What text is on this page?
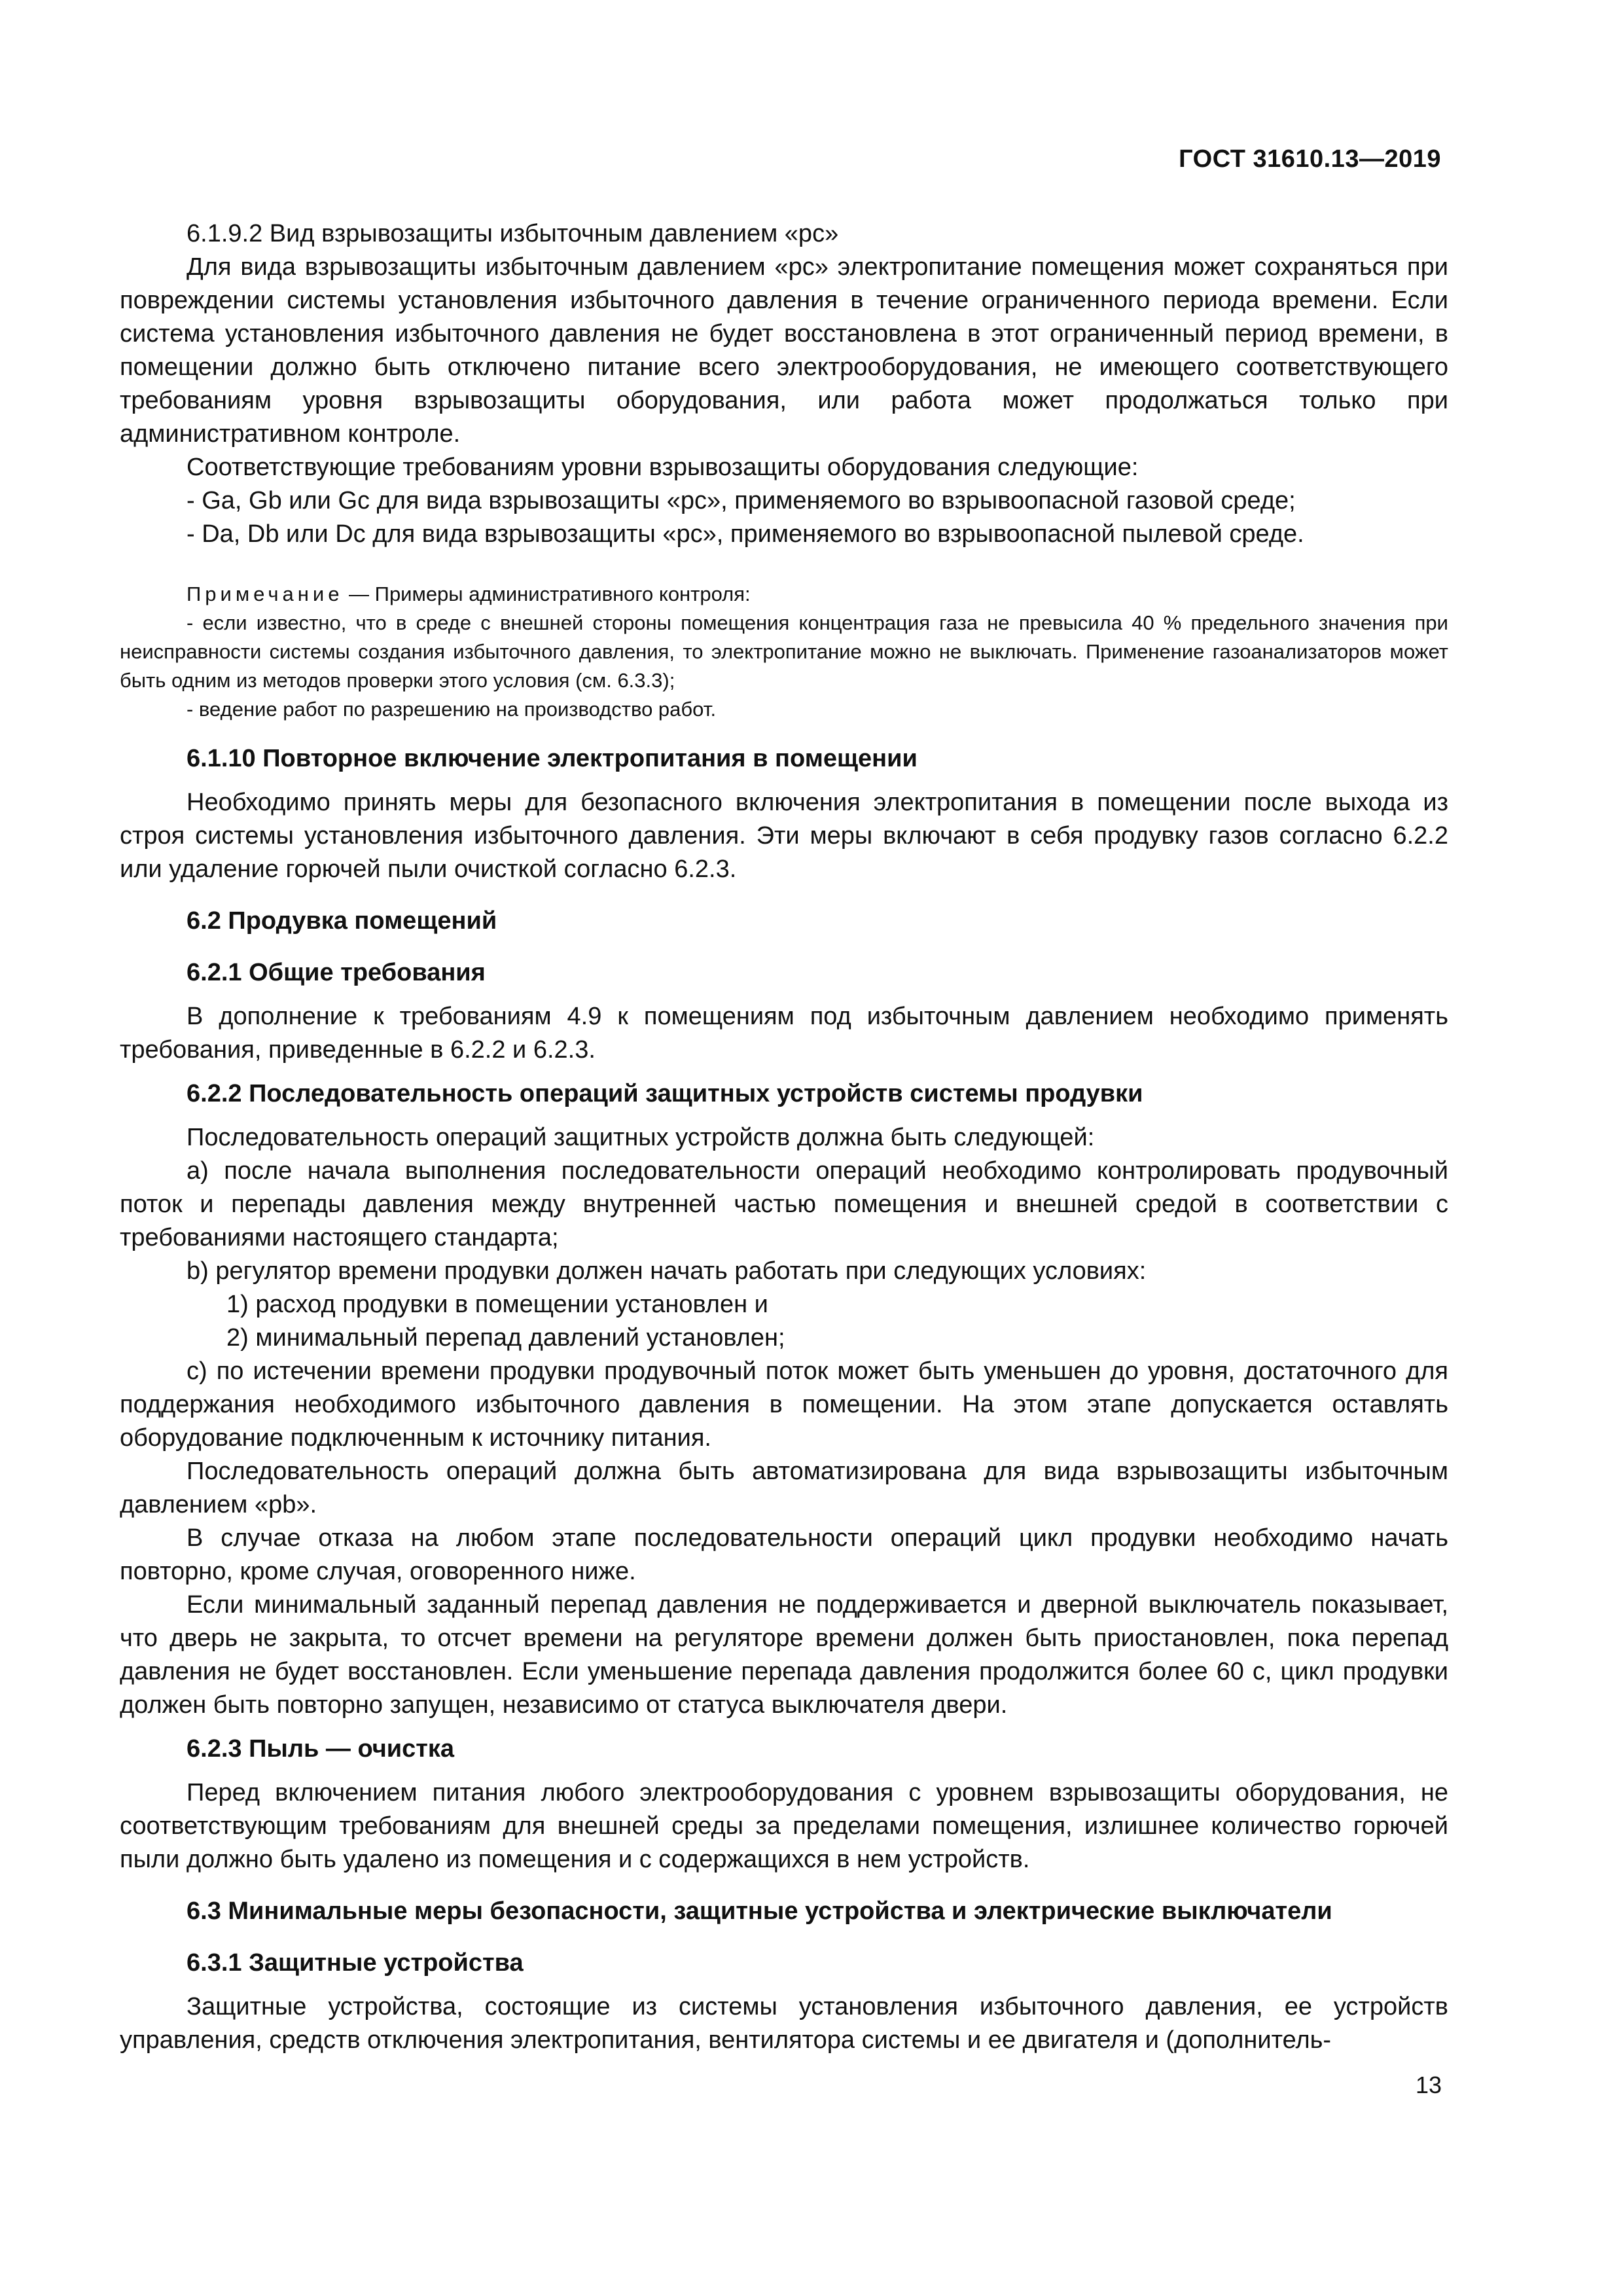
ГОСТ 31610.13—2019

6.1.9.2 Вид взрывозащиты избыточным давлением «рс»

Для вида взрывозащиты избыточным давлением «рс» электропитание помещения может сохраняться при повреждении системы установления избыточного давления в течение ограниченного периода времени. Если система установления избыточного давления не будет восстановлена в этот ограниченный период времени, в помещении должно быть отключено питание всего электрооборудования, не имеющего соответствующего требованиям уровня взрывозащиты оборудования, или работа может продолжаться только при административном контроле.

Соответствующие требованиям уровни взрывозащиты оборудования следующие:

- Ga, Gb или Gc для вида взрывозащиты «рс», применяемого во взрывоопасной газовой среде;

- Da, Db или Dc для вида взрывозащиты «рс», применяемого во взрывоопасной пылевой среде.

Примечание — Примеры административного контроля:

- если известно, что в среде с внешней стороны помещения концентрация газа не превысила 40 % предельного значения при неисправности системы создания избыточного давления, то электропитание можно не выключать. Применение газоанализаторов может быть одним из методов проверки этого условия (см. 6.3.3);

- ведение работ по разрешению на производство работ.

6.1.10 Повторное включение электропитания в помещении

Необходимо принять меры для безопасного включения электропитания в помещении после выхода из строя системы установления избыточного давления. Эти меры включают в себя продувку газов согласно 6.2.2 или удаление горючей пыли очисткой согласно 6.2.3.

6.2 Продувка помещений

6.2.1 Общие требования

В дополнение к требованиям 4.9 к помещениям под избыточным давлением необходимо применять требования, приведенные в 6.2.2 и 6.2.3.

6.2.2 Последовательность операций защитных устройств системы продувки

Последовательность операций защитных устройств должна быть следующей:

a) после начала выполнения последовательности операций необходимо контролировать продувочный поток и перепады давления между внутренней частью помещения и внешней средой в соответствии с требованиями настоящего стандарта;

b) регулятор времени продувки должен начать работать при следующих условиях:

1) расход продувки в помещении установлен и

2) минимальный перепад давлений установлен;

c) по истечении времени продувки продувочный поток может быть уменьшен до уровня, достаточного для поддержания необходимого избыточного давления в помещении. На этом этапе допускается оставлять оборудование подключенным к источнику питания.

Последовательность операций должна быть автоматизирована для вида взрывозащиты избыточным давлением «pb».

В случае отказа на любом этапе последовательности операций цикл продувки необходимо начать повторно, кроме случая, оговоренного ниже.

Если минимальный заданный перепад давления не поддерживается и дверной выключатель показывает, что дверь не закрыта, то отсчет времени на регуляторе времени должен быть приостановлен, пока перепад давления не будет восстановлен. Если уменьшение перепада давления продолжится более 60 с, цикл продувки должен быть повторно запущен, независимо от статуса выключателя двери.

6.2.3 Пыль — очистка

Перед включением питания любого электрооборудования с уровнем взрывозащиты оборудования, не соответствующим требованиям для внешней среды за пределами помещения, излишнее количество горючей пыли должно быть удалено из помещения и с содержащихся в нем устройств.

6.3 Минимальные меры безопасности, защитные устройства и электрические выключатели

6.3.1 Защитные устройства

Защитные устройства, состоящие из системы установления избыточного давления, ее устройств управления, средств отключения электропитания, вентилятора системы и ее двигателя и (дополнитель-

13
